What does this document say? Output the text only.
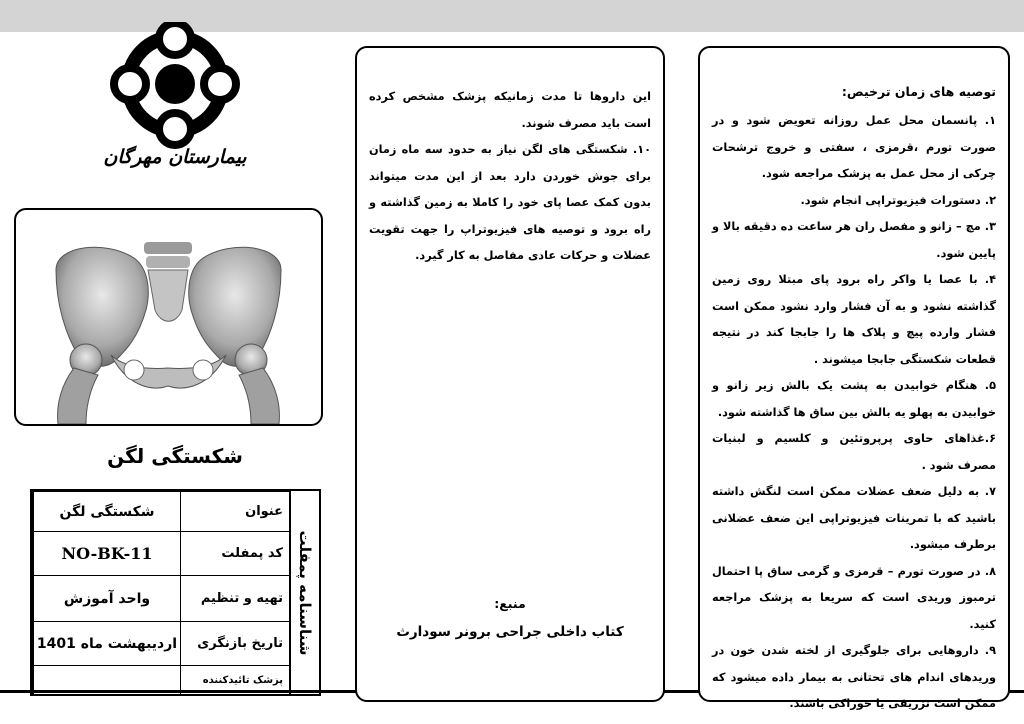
بیمارستان مهرگان
شکستگی لگن
عنوان	شکستگی لگن
کد پمفلت	NO-BK-11
تهیه و تنظیم	واحد آموزش
تاریخ بازنگری	اردیبهشت ماه 1401
پزشک تائیدکننده	
شناسنامه پمفلت

این داروها تا مدت زمانیکه پزشک مشخص کرده است باید مصرف شوند.

۱۰. شکستگی های لگن نیاز به حدود سه ماه زمان برای جوش خوردن دارد بعد از این مدت میتواند بدون کمک عصا پای خود را کاملا به زمین گذاشته و راه برود و توصیه های فیزیوتراپ را جهت تقویت عضلات و حرکات عادی مفاصل به کار گیرد.

منبع:
کتاب داخلی جراحی برونر سودارث

توصیه های زمان ترخیص:

۱. پانسمان محل عمل روزانه تعویض شود و در صورت تورم ،قرمزی ، سفتی و خروج ترشحات چرکی از محل عمل به پزشک مراجعه شود.

۲. دستورات فیزیوتراپی انجام شود.

۳. مچ – زانو و مفصل ران هر ساعت ده دقیقه بالا و پایین شود.

۴. با عصا یا واکر راه برود پای مبتلا روی زمین گذاشته نشود و به آن فشار وارد نشود ممکن است فشار وارده پیچ و پلاک ها را جابجا کند در نتیجه قطعات شکستگی جابجا میشوند .

۵. هنگام خوابیدن به پشت یک بالش زیر زانو و خوابیدن به پهلو یه بالش بین ساق ها گذاشته شود.

۶.غذاهای حاوی پرپروتئین و کلسیم و لبنیات مصرف شود .

۷. به دلیل ضعف عضلات ممکن است لنگش داشته باشید که با تمرینات فیزیوتراپی این ضعف عضلانی برطرف میشود.

۸. در صورت تورم – قرمزی و گرمی ساق پا احتمال ترمبوز وریدی است که سریعا به پزشک مراجعه کنید.

۹. داروهایی برای جلوگیری از لخته شدن خون در وریدهای اندام های تحتانی به بیمار داده میشود که ممکن است تزریقی یا خوراکی باشند.
